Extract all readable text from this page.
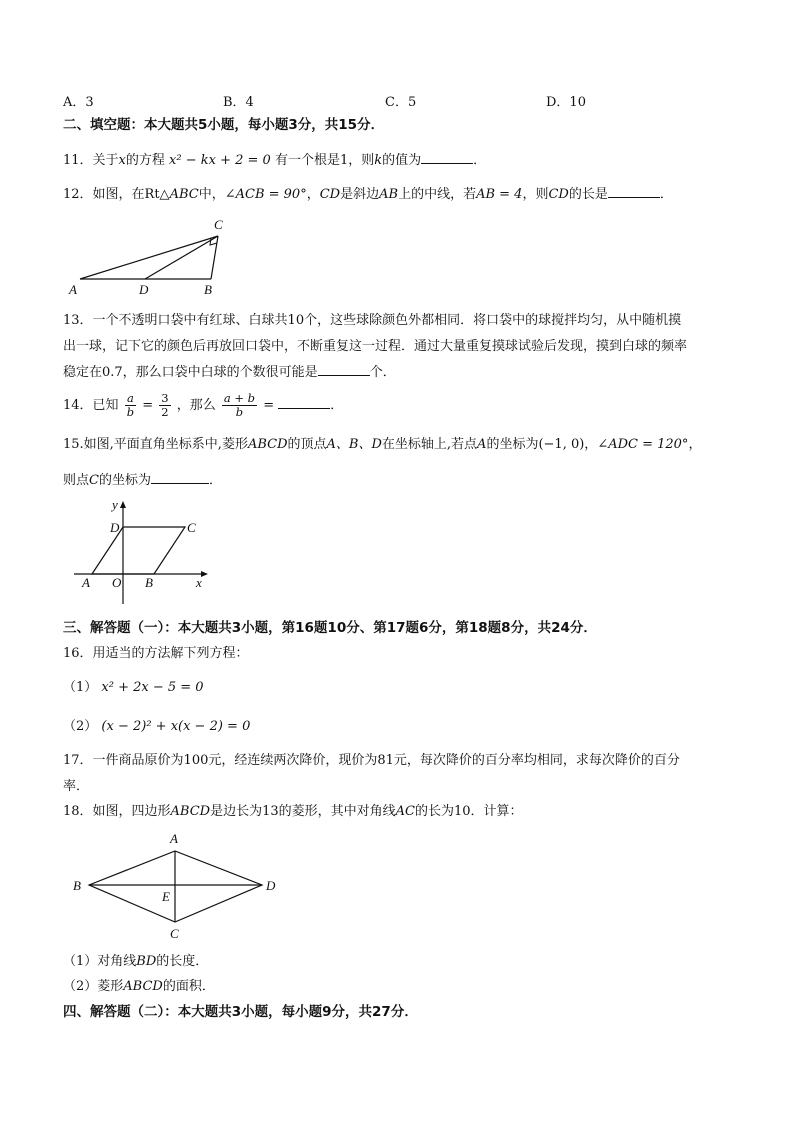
A．3	B．4	C．5	D．10
二、填空题：本大题共5小题，每小题3分，共15分．
11．关于x的方程 x² − kx + 2 = 0 有一个根是1，则k的值为	．
12．如图，在Rt△ABC中，∠ACB = 90°，CD是斜边AB上的中线，若AB = 4，则CD的长是	．
A	D	B
C
13．一个不透明口袋中有红球、白球共10个，这些球除颜色外都相同．将口袋中的球搅拌均匀，从中随机摸
出一球，记下它的颜色后再放回口袋中，不断重复这一过程．通过大量重复摸球试验后发现，摸到白球的频率
稳定在0.7，那么口袋中白球的个数很可能是	个．
14．已知 $\frac{a}{b} = \frac{3}{2}$ ，那么 $\frac{a + b}{b}$ =	．
15.如图,平面直角坐标系中,菱形ABCD的顶点A、B、D在坐标轴上,若点A的坐标为(−1, 0)，∠ADC = 120°，
则点C的坐标为	．
y
x
D	C
A O B
三、解答题（一）：本大题共3小题，第16题10分、第17题6分，第18题8分，共24分．
16．用适当的方法解下列方程：
（1） x² + 2x − 5 = 0
（2） (x − 2)² + x(x − 2) = 0
17．一件商品原价为100元，经连续两次降价，现价为81元，每次降价的百分率均相同，求每次降价的百分
率．
18．如图，四边形ABCD是边长为13的菱形，其中对角线AC的长为10．计算：
A
B	D
E
C
（1）对角线BD的长度．
（2）菱形ABCD的面积．
四、解答题（二）：本大题共3小题，每小题9分，共27分．
